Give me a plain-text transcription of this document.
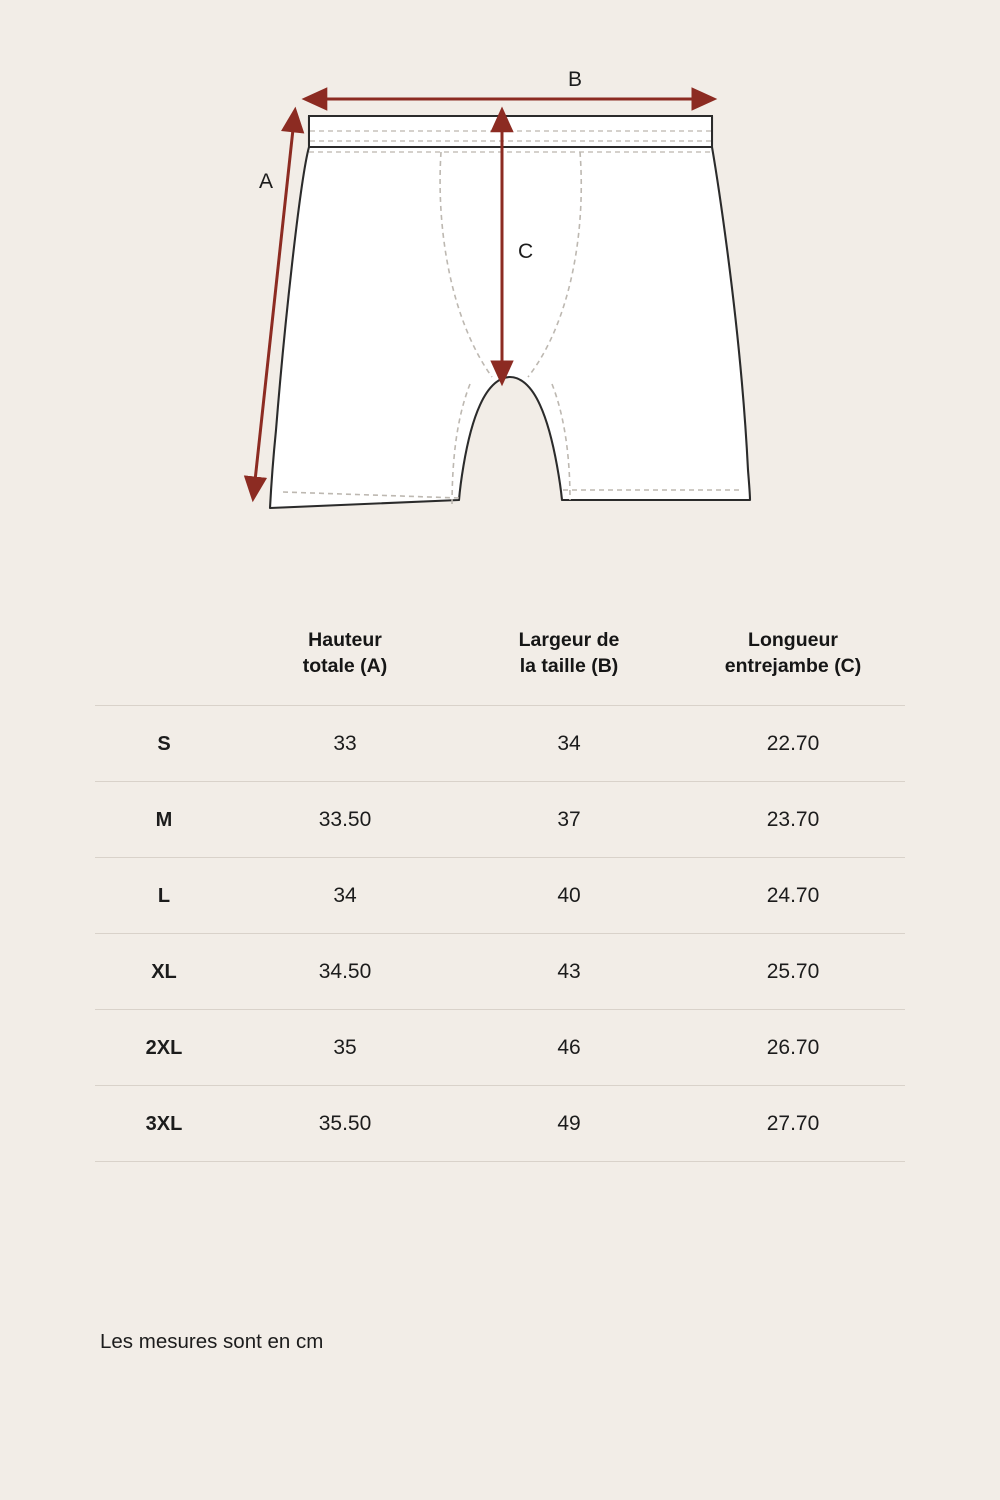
A
B
C

Hauteur
totale (A)

Largeur de
la taille (B)

Longueur
entrejambe (C)

S	33	34	22.70
M	33.50	37	23.70
L	34	40	24.70
XL	34.50	43	25.70
2XL	35	46	26.70
3XL	35.50	49	27.70
Les mesures sont en cm
